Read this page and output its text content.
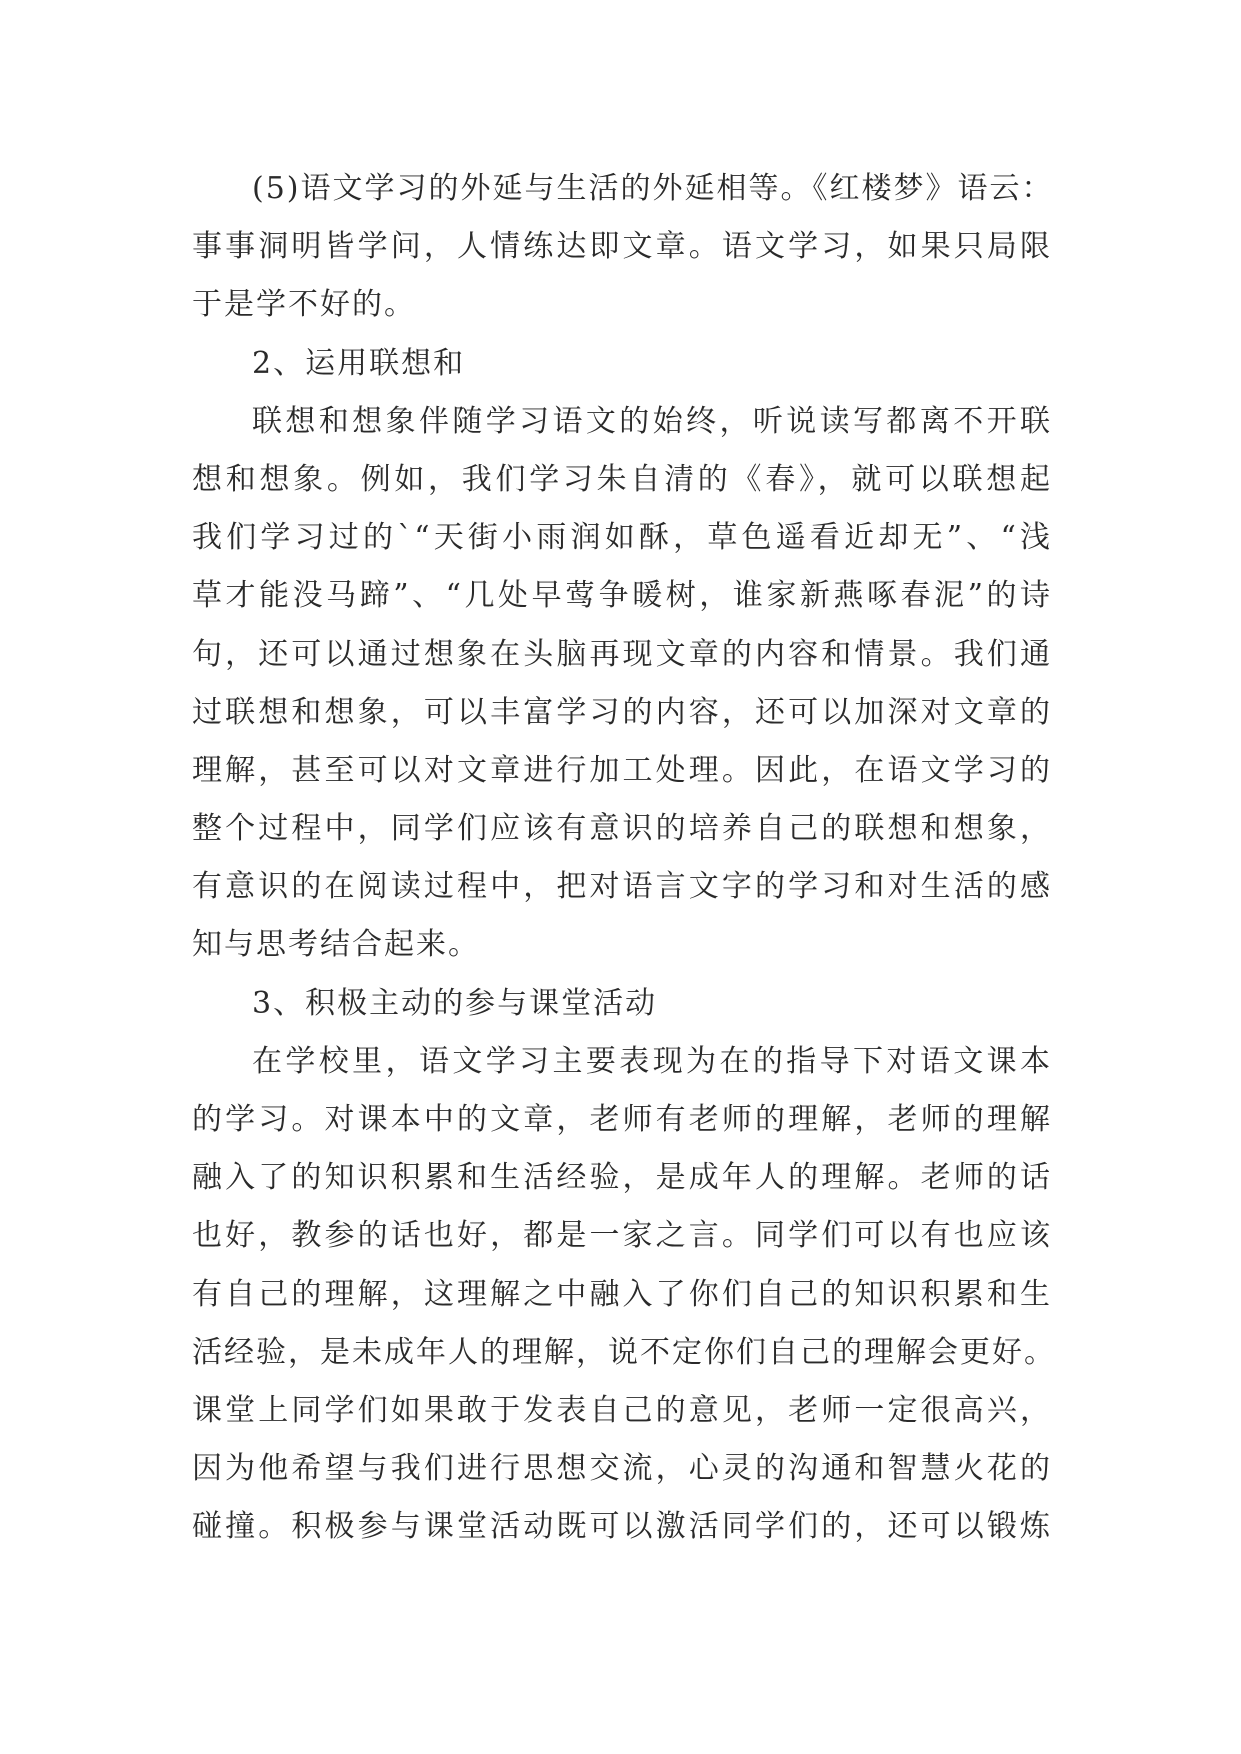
(5)语文学习的外延与生活的外延相等。《红楼梦》语云：
事事洞明皆学问，人情练达即文章。语文学习，如果只局限
于是学不好的。
2、运用联想和
联想和想象伴随学习语文的始终，听说读写都离不开联
想和想象。例如，我们学习朱自清的《春》，就可以联想起
我们学习过的`“天街小雨润如酥，草色遥看近却无”、“浅
草才能没马蹄”、“几处早莺争暖树，谁家新燕啄春泥”的诗
句，还可以通过想象在头脑再现文章的内容和情景。我们通
过联想和想象，可以丰富学习的内容，还可以加深对文章的
理解，甚至可以对文章进行加工处理。因此，在语文学习的
整个过程中，同学们应该有意识的培养自己的联想和想象，
有意识的在阅读过程中，把对语言文字的学习和对生活的感
知与思考结合起来。
3、积极主动的参与课堂活动
在学校里，语文学习主要表现为在的指导下对语文课本
的学习。对课本中的文章，老师有老师的理解，老师的理解
融入了的知识积累和生活经验，是成年人的理解。老师的话
也好，教参的话也好，都是一家之言。同学们可以有也应该
有自己的理解，这理解之中融入了你们自己的知识积累和生
活经验，是未成年人的理解，说不定你们自己的理解会更好。
课堂上同学们如果敢于发表自己的意见，老师一定很高兴，
因为他希望与我们进行思想交流，心灵的沟通和智慧火花的
碰撞。积极参与课堂活动既可以激活同学们的，还可以锻炼
